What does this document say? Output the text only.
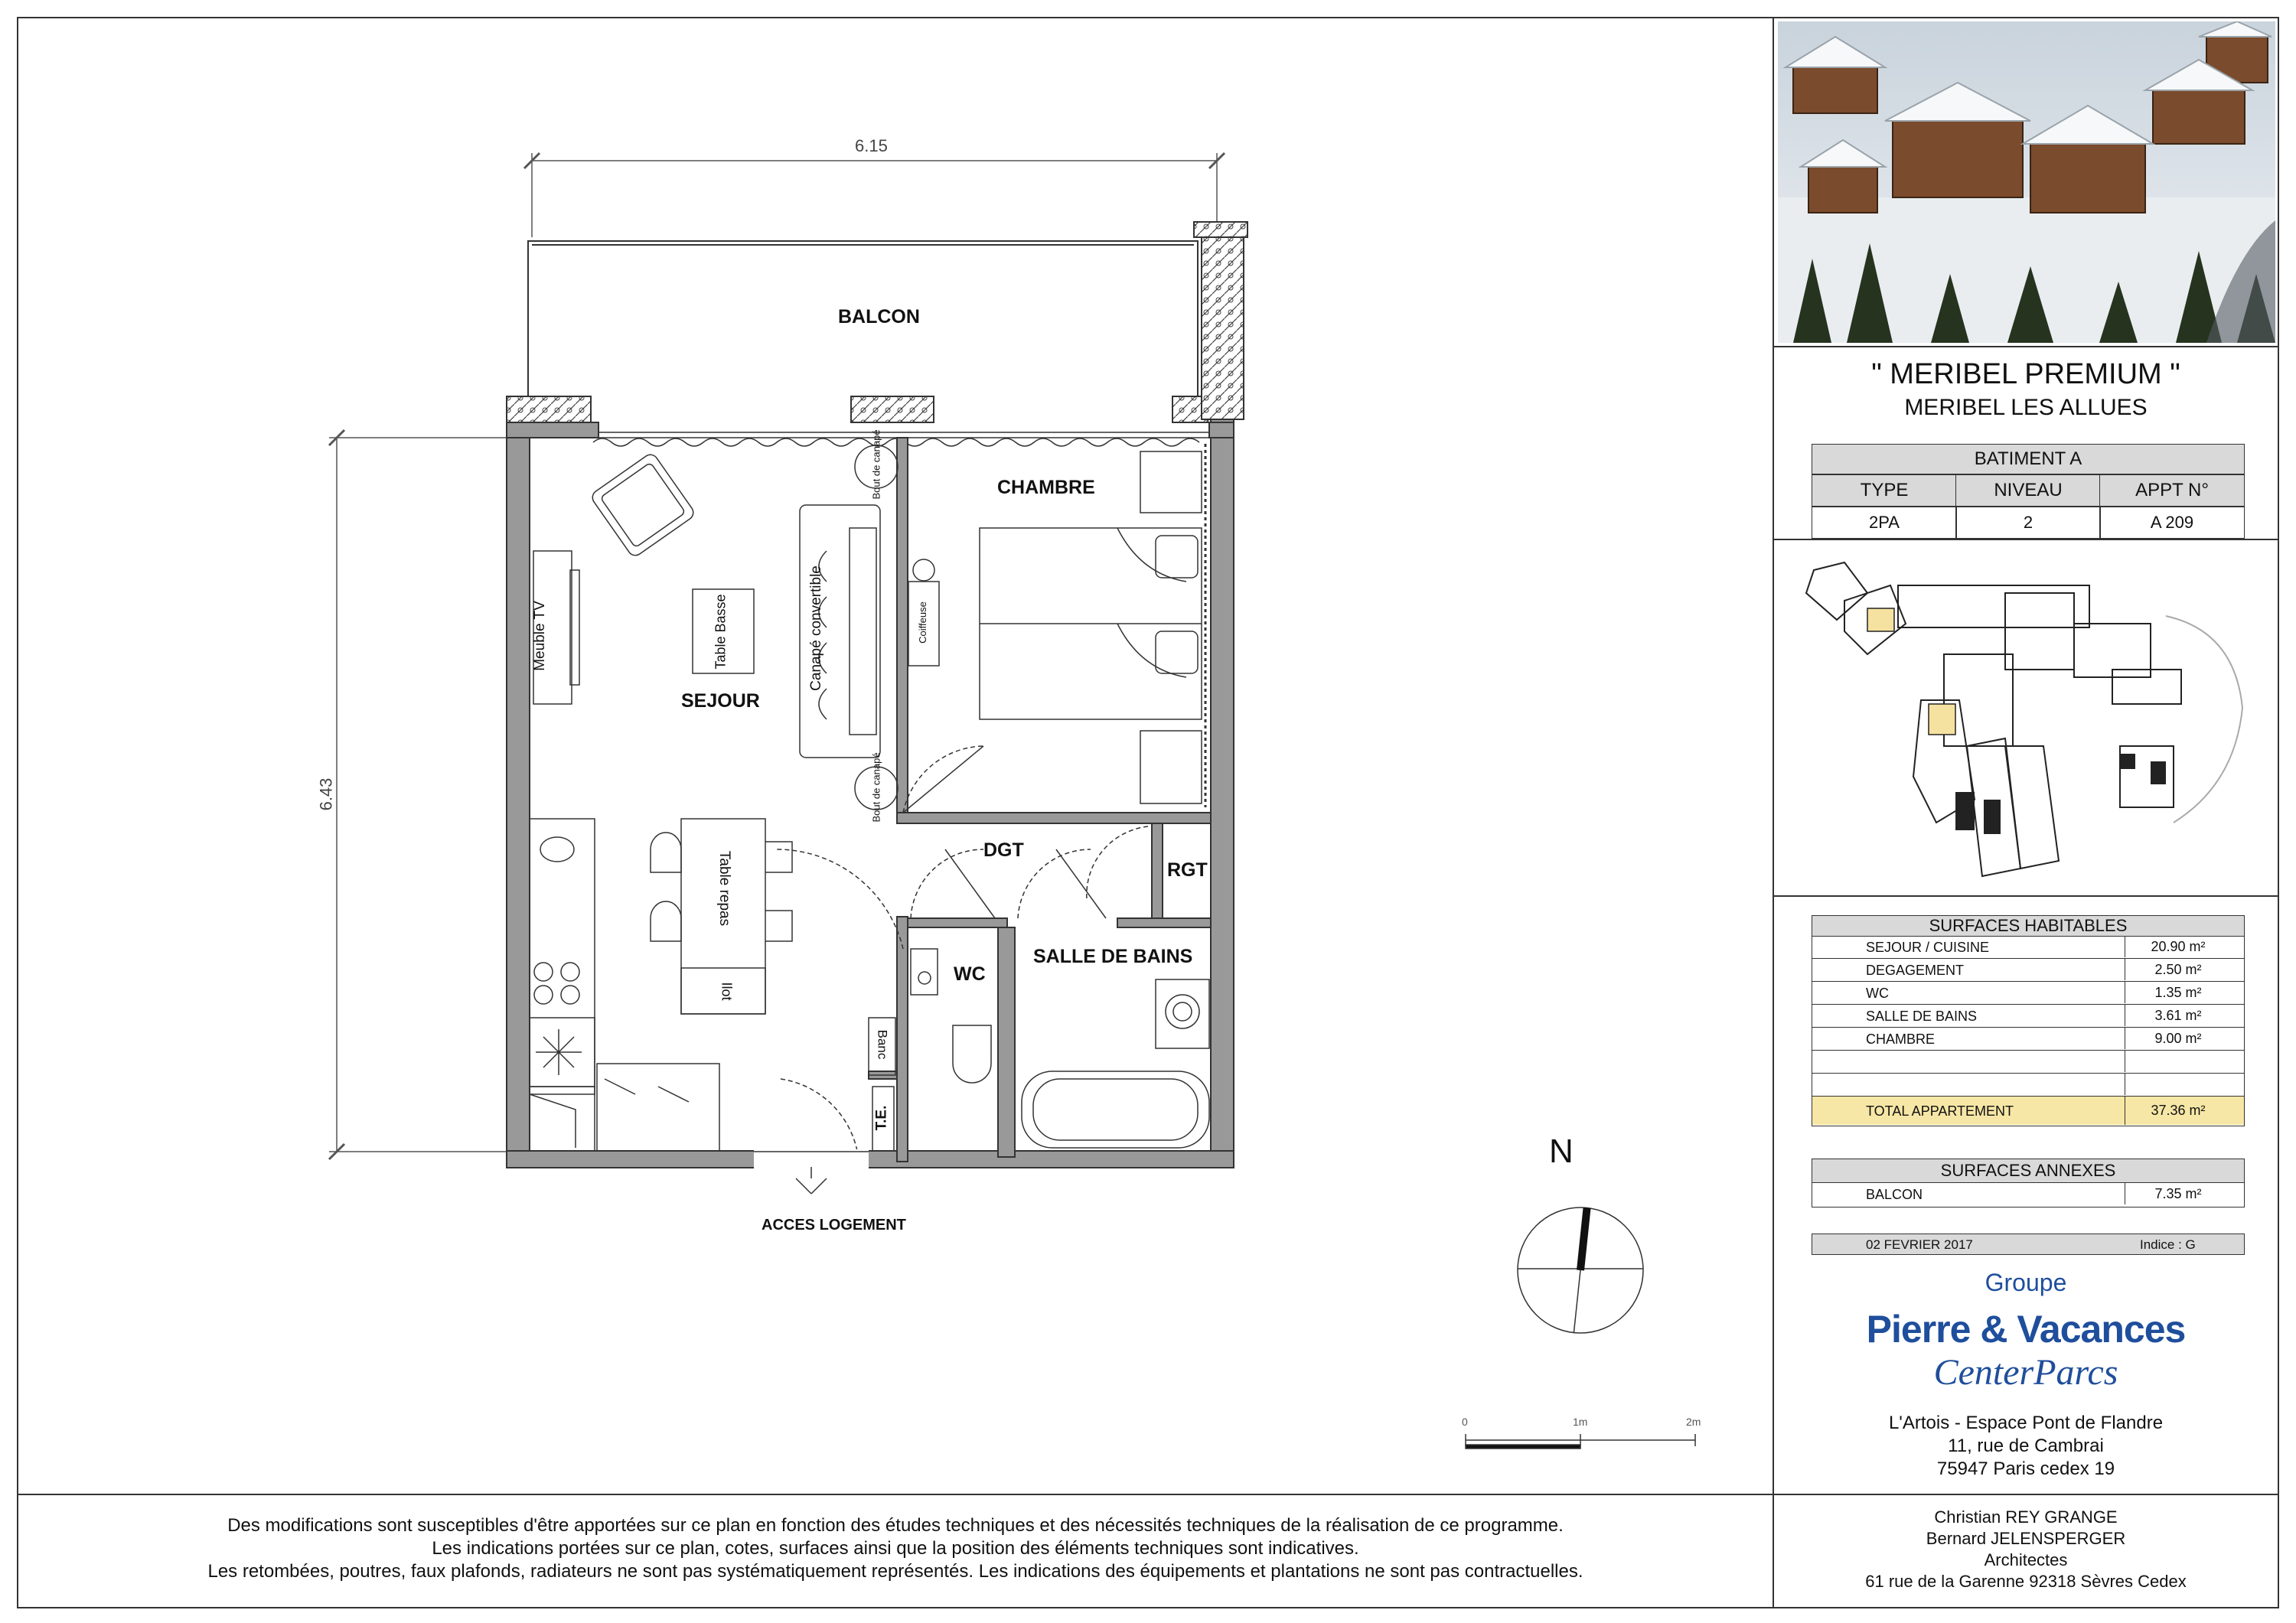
6.15
6.43
BALCON
CHAMBRE
SEJOUR
DGT
RGT
WC
SALLE DE BAINS
Meuble TV	Table Basse	Canapé convertible
Bout de canapé
Bout de canapé
Coiffeuse
Table repas
Ilot
Banc
T.E.
ACCES LOGEMENT
N
0	1m	2m
" MERIBEL PREMIUM "
MERIBEL LES ALLUES
BATIMENT A
TYPE	NIVEAU	APPT N°
2PA	2	A 209
SURFACES HABITABLES
SEJOUR / CUISINE	20.90 m²
DEGAGEMENT	2.50 m²
WC	1.35 m²
SALLE DE BAINS	3.61 m²
CHAMBRE	9.00 m²
TOTAL APPARTEMENT	37.36 m²
SURFACES ANNEXES
BALCON	7.35 m²
02 FEVRIER 2017	Indice : G
Groupe
Pierre & Vacances
CenterParcs
L'Artois - Espace Pont de Flandre
11, rue de Cambrai
75947 Paris cedex 19
Des modifications sont susceptibles d'être apportées sur ce plan en fonction des études techniques et des nécessités techniques de la réalisation de ce programme.
Les indications portées sur ce plan, cotes, surfaces ainsi que la position des éléments techniques sont indicatives.
Les retombées, poutres, faux plafonds, radiateurs ne sont pas systématiquement représentés. Les indications des équipements et plantations ne sont pas contractuelles.
Christian REY GRANGE
Bernard JELENSPERGER
Architectes
61 rue de la Garenne 92318 Sèvres Cedex
